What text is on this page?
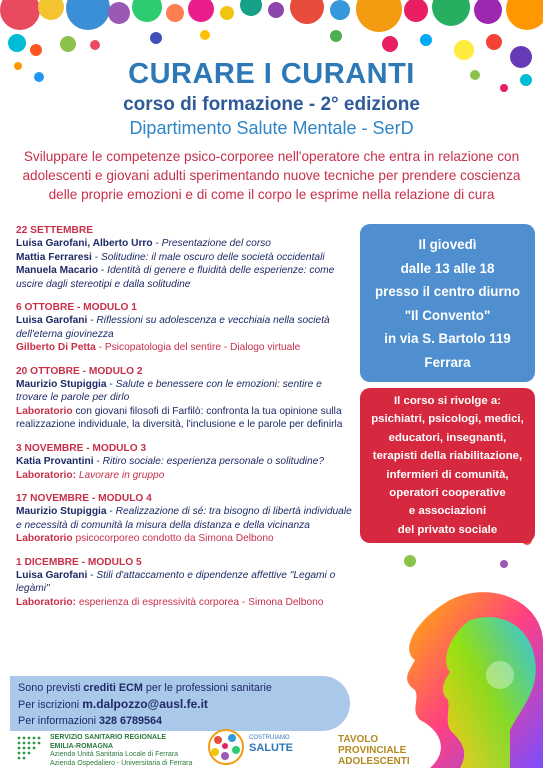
CURARE I CURANTI
corso di formazione - 2° edizione
Dipartimento Salute Mentale - SerD

Sviluppare le competenze psico-corporee nell'operatore che entra in relazione con adolescenti e giovani adulti sperimentando nuove tecniche per prendere coscienza delle proprie emozioni e di come il corpo le esprime nella relazione di cura

22 SETTEMBRE
Luisa Garofani, Alberto Urro - Presentazione del corso
Mattia Ferraresi - Solitudine: il male oscuro delle società occidentali
Manuela Macario - Identità di genere e fluidità delle esperienze: come uscire dagli stereotipi e dalla solitudine
6 OTTOBRE - MODULO 1
Luisa Garofani - Riflessioni su adolescenza e vecchiaia nella società dell'eterna giovinezza
Gilberto Di Petta - Psicopatologia del sentire - Dialogo virtuale
20 OTTOBRE - MODULO 2
Maurizio Stupiggia - Salute e benessere con le emozioni: sentire e trovare le parole per dirlo
Laboratorio con giovani filosofi di Farfilò: confronta la tua opinione sulla realizzazione individuale, la diversità, l'inclusione e le parole per definirla
3 NOVEMBRE - MODULO 3
Katia Provantini - Ritiro sociale: esperienza personale o solitudine?
Laboratorio: Lavorare in gruppo
17 NOVEMBRE - MODULO 4
Maurizio Stupiggia - Realizzazione di sé: tra bisogno di libertà individuale e necessità di comunità la misura della distanza e della vicinanza
Laboratorio psicocorporeo condotto da Simona Delbono
1 DICEMBRE - MODULO 5
Luisa Garofani - Stili d'attaccamento e dipendenze affettive "Legami o legàmi"
Laboratorio: esperienza di espressività corporea - Simona Delbono
Il giovedì
dalle 13 alle 18
presso il centro diurno
"Il Convento"
in via S. Bartolo 119
Ferrara
Il corso si rivolge a:
psichiatri, psicologi, medici,
educatori, insegnanti,
terapisti della riabilitazione,
infermieri di comunità,
operatori cooperative
e associazioni
del privato sociale
Sono previsti crediti ECM per le professioni sanitarie
Per iscrizioni m.dalpozzo@ausl.fe.it
Per informazioni 328 6789564
SERVIZIO SANITARIO REGIONALE
EMILIA-ROMAGNA
Azienda Unità Sanitaria Locale di Ferrara
Azienda Ospedaliero - Universitaria di Ferrara
COSTRUIAMO
SALUTE
TAVOLO
PROVINCIALE
ADOLESCENTI
